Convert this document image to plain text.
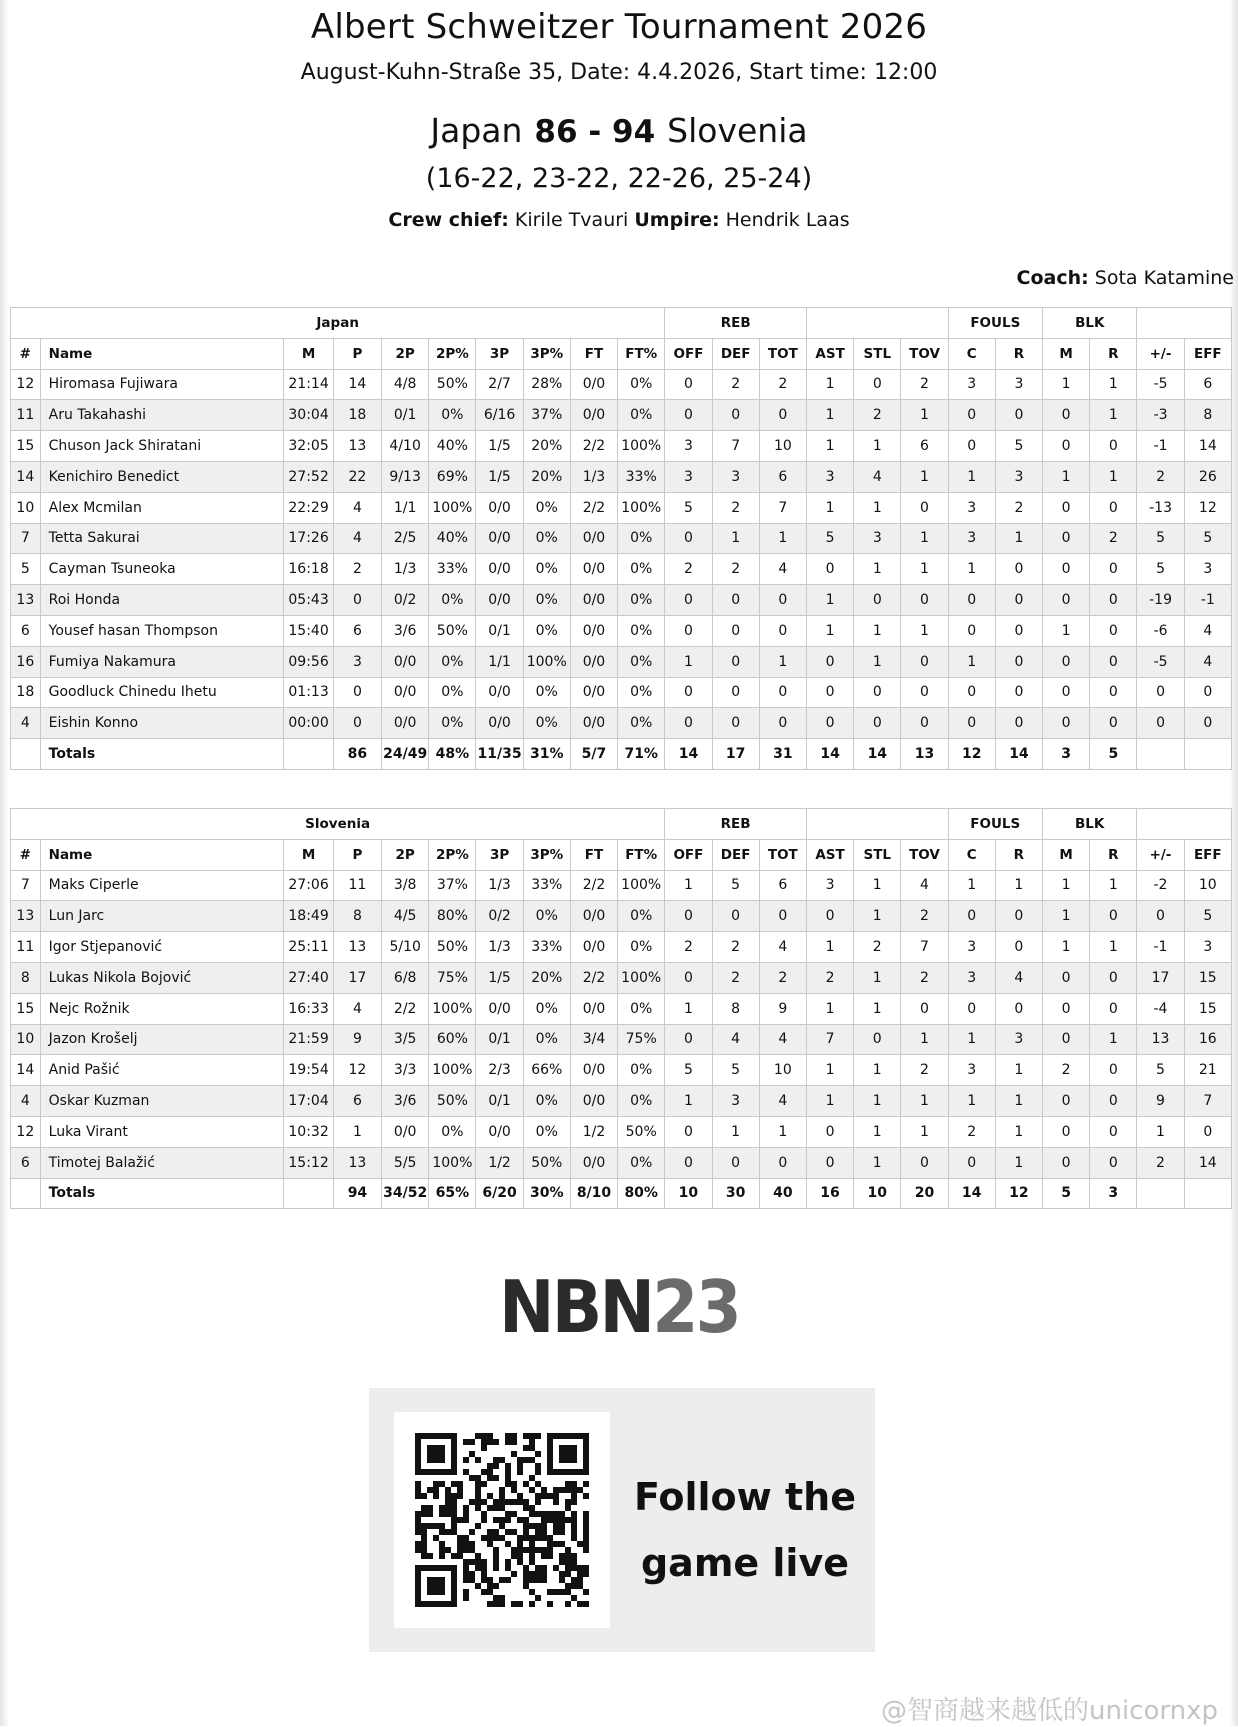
Albert Schweitzer Tournament 2026
August-Kuhn-Straße 35, Date: 4.4.2026, Start time: 12:00
Japan 86 - 94 Slovenia
(16-22, 23-22, 22-26, 25-24)
Crew chief: Kirile Tvauri Umpire: Hendrik Laas
Coach: Sota Katamine
Japan										REB						FOULS		BLK			
#	Name	M	P	2P	2P%	3P	3P%	FT	FT%	OFF	DEF	TOT	AST	STL	TOV	C	R	M	R	+/-	EFF
12	Hiromasa Fujiwara	21:14	14	4/8	50%	2/7	28%	0/0	0%	0	2	2	1	0	2	3	3	1	1	-5	6
11	Aru Takahashi	30:04	18	0/1	0%	6/16	37%	0/0	0%	0	0	0	1	2	1	0	0	0	1	-3	8
15	Chuson Jack Shiratani	32:05	13	4/10	40%	1/5	20%	2/2	100%	3	7	10	1	1	6	0	5	0	0	-1	14
14	Kenichiro Benedict	27:52	22	9/13	69%	1/5	20%	1/3	33%	3	3	6	3	4	1	1	3	1	1	2	26
10	Alex Mcmilan	22:29	4	1/1	100%	0/0	0%	2/2	100%	5	2	7	1	1	0	3	2	0	0	-13	12
7	Tetta Sakurai	17:26	4	2/5	40%	0/0	0%	0/0	0%	0	1	1	5	3	1	3	1	0	2	5	5
5	Cayman Tsuneoka	16:18	2	1/3	33%	0/0	0%	0/0	0%	2	2	4	0	1	1	1	0	0	0	5	3
13	Roi Honda	05:43	0	0/2	0%	0/0	0%	0/0	0%	0	0	0	1	0	0	0	0	0	0	-19	-1
6	Yousef hasan Thompson	15:40	6	3/6	50%	0/1	0%	0/0	0%	0	0	0	1	1	1	0	0	1	0	-6	4
16	Fumiya Nakamura	09:56	3	0/0	0%	1/1	100%	0/0	0%	1	0	1	0	1	0	1	0	0	0	-5	4
18	Goodluck Chinedu Ihetu	01:13	0	0/0	0%	0/0	0%	0/0	0%	0	0	0	0	0	0	0	0	0	0	0	0
4	Eishin Konno	00:00	0	0/0	0%	0/0	0%	0/0	0%	0	0	0	0	0	0	0	0	0	0	0	0
	Totals		86	24/49	48%	11/35	31%	5/7	71%	14	17	31	14	14	13	12	14	3	5		
Slovenia										REB						FOULS		BLK			
#	Name	M	P	2P	2P%	3P	3P%	FT	FT%	OFF	DEF	TOT	AST	STL	TOV	C	R	M	R	+/-	EFF
7	Maks Ciperle	27:06	11	3/8	37%	1/3	33%	2/2	100%	1	5	6	3	1	4	1	1	1	1	-2	10
13	Lun Jarc	18:49	8	4/5	80%	0/2	0%	0/0	0%	0	0	0	0	1	2	0	0	1	0	0	5
11	Igor Stjepanović	25:11	13	5/10	50%	1/3	33%	0/0	0%	2	2	4	1	2	7	3	0	1	1	-1	3
8	Lukas Nikola Bojović	27:40	17	6/8	75%	1/5	20%	2/2	100%	0	2	2	2	1	2	3	4	0	0	17	15
15	Nejc Rožnik	16:33	4	2/2	100%	0/0	0%	0/0	0%	1	8	9	1	1	0	0	0	0	0	-4	15
10	Jazon Krošelj	21:59	9	3/5	60%	0/1	0%	3/4	75%	0	4	4	7	0	1	1	3	0	1	13	16
14	Anid Pašić	19:54	12	3/3	100%	2/3	66%	0/0	0%	5	5	10	1	1	2	3	1	2	0	5	21
4	Oskar Kuzman	17:04	6	3/6	50%	0/1	0%	0/0	0%	1	3	4	1	1	1	1	1	0	0	9	7
12	Luka Virant	10:32	1	0/0	0%	0/0	0%	1/2	50%	0	1	1	0	1	1	2	1	0	0	1	0
6	Timotej Balažić	15:12	13	5/5	100%	1/2	50%	0/0	0%	0	0	0	0	1	0	0	1	0	0	2	14
	Totals		94	34/52	65%	6/20	30%	8/10	80%	10	30	40	16	10	20	14	12	5	3		
NBN23
Follow the
game live
@智商越来越低的unicornxp
